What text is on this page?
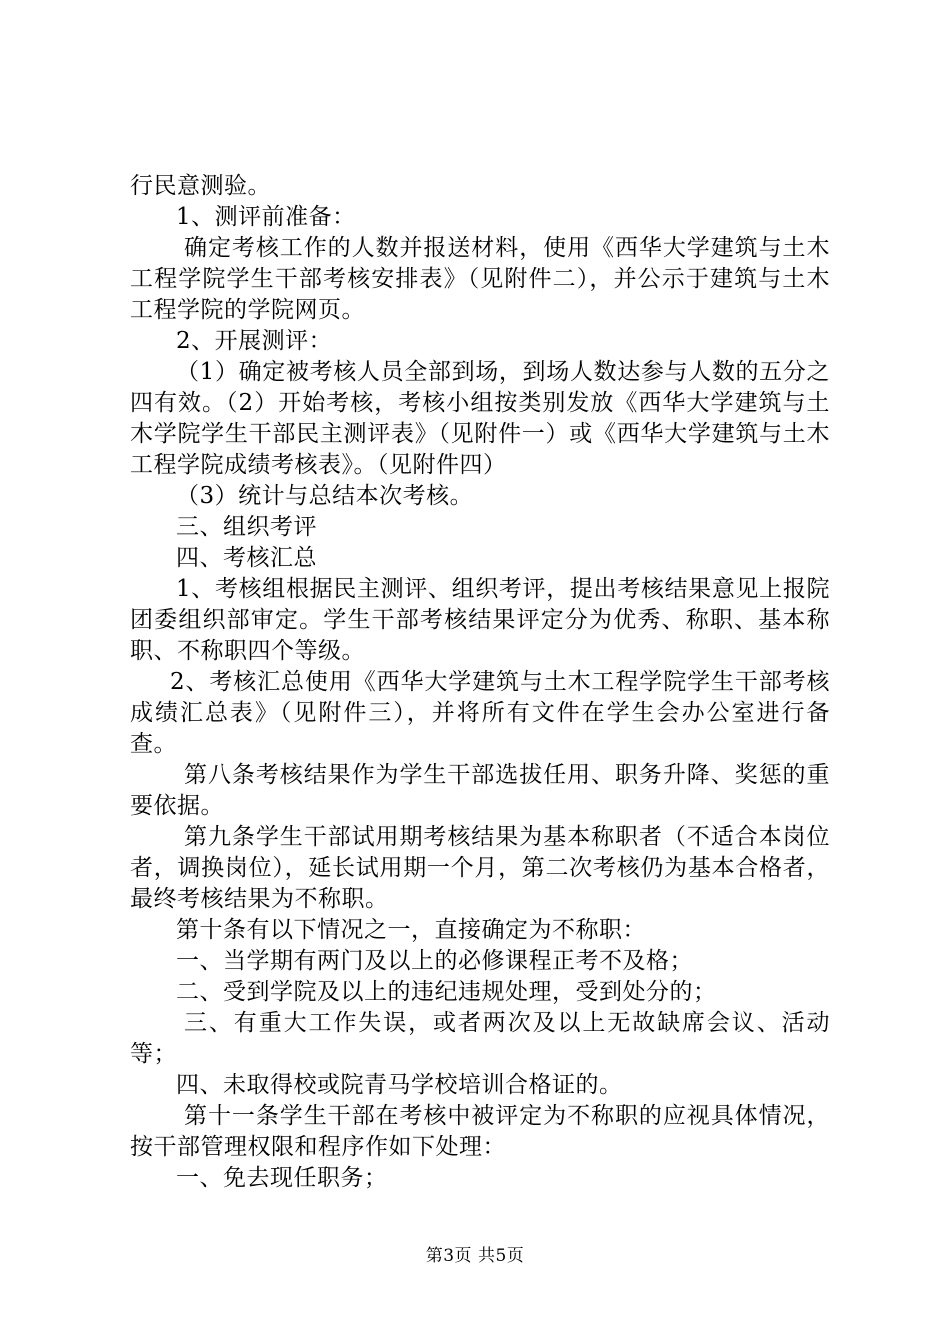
行民意测验。

1、测评前准备：

确定考核工作的人数并报送材料，使用《西华大学建筑与土木工程学院学生干部考核安排表》（见附件二），并公示于建筑与土木工程学院的学院网页。

2、开展测评：

（1）确定被考核人员全部到场，到场人数达参与人数的五分之四有效。（2）开始考核，考核小组按类别发放《西华大学建筑与土木学院学生干部民主测评表》（见附件一）或《西华大学建筑与土木工程学院成绩考核表》。（见附件四）

（3）统计与总结本次考核。

三、组织考评

四、考核汇总

1、考核组根据民主测评、组织考评，提出考核结果意见上报院团委组织部审定。学生干部考核结果评定分为优秀、称职、基本称职、不称职四个等级。

2、考核汇总使用《西华大学建筑与土木工程学院学生干部考核成绩汇总表》（见附件三），并将所有文件在学生会办公室进行备查。

第八条考核结果作为学生干部选拔任用、职务升降、奖惩的重要依据。

第九条学生干部试用期考核结果为基本称职者（不适合本岗位者，调换岗位），延长试用期一个月，第二次考核仍为基本合格者，最终考核结果为不称职。

第十条有以下情况之一，直接确定为不称职：

一、当学期有两门及以上的必修课程正考不及格；

二、受到学院及以上的违纪违规处理，受到处分的；

三、有重大工作失误，或者两次及以上无故缺席会议、活动等；

四、未取得校或院青马学校培训合格证的。

第十一条学生干部在考核中被评定为不称职的应视具体情况，按干部管理权限和程序作如下处理：

一、免去现任职务；

第3页 共5页
